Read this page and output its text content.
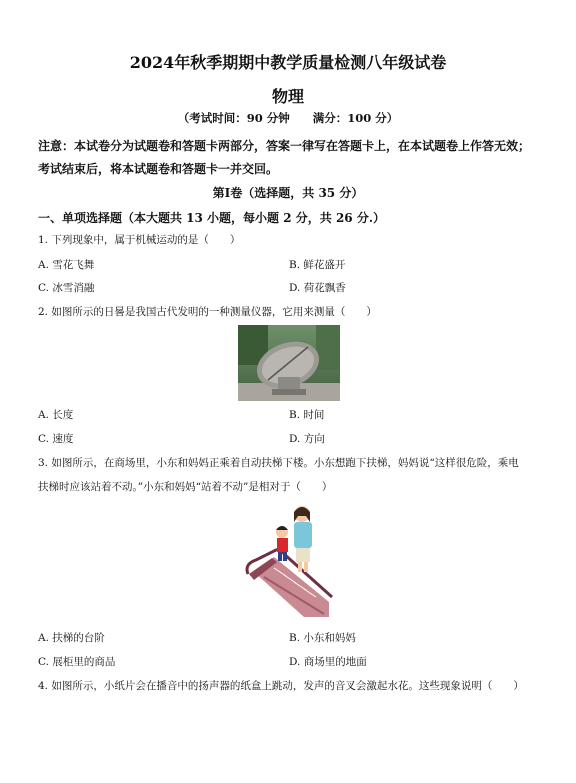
2024年秋季期期中教学质量检测八年级试卷
物理
（考试时间：90 分钟　　满分：100 分）
注意：本试卷分为试题卷和答题卡两部分，答案一律写在答题卡上，在本试题卷上作答无效；
考试结束后，将本试题卷和答题卡一并交回。
第Ⅰ卷（选择题，共 35 分）
一、单项选择题（本大题共 13 小题，每小题 2 分，共 26 分.）
1. 下列现象中，属于机械运动的是（　　）
A. 雪花飞舞	B. 鲜花盛开
C. 冰雪消融	D. 荷花飘香
2. 如图所示的日晷是我国古代发明的一种测量仪器，它用来测量（　　）
A. 长度	B. 时间
C. 速度	D. 方向
3. 如图所示，在商场里，小东和妈妈正乘着自动扶梯下楼。小东想跑下扶梯，妈妈说“这样很危险，乘电
扶梯时应该站着不动。”小东和妈妈“站着不动”是相对于（　　）
A. 扶梯的台阶	B. 小东和妈妈
C. 展柜里的商品	D. 商场里的地面
4. 如图所示，小纸片会在播音中的扬声器的纸盒上跳动，发声的音叉会激起水花。这些现象说明（　　）
